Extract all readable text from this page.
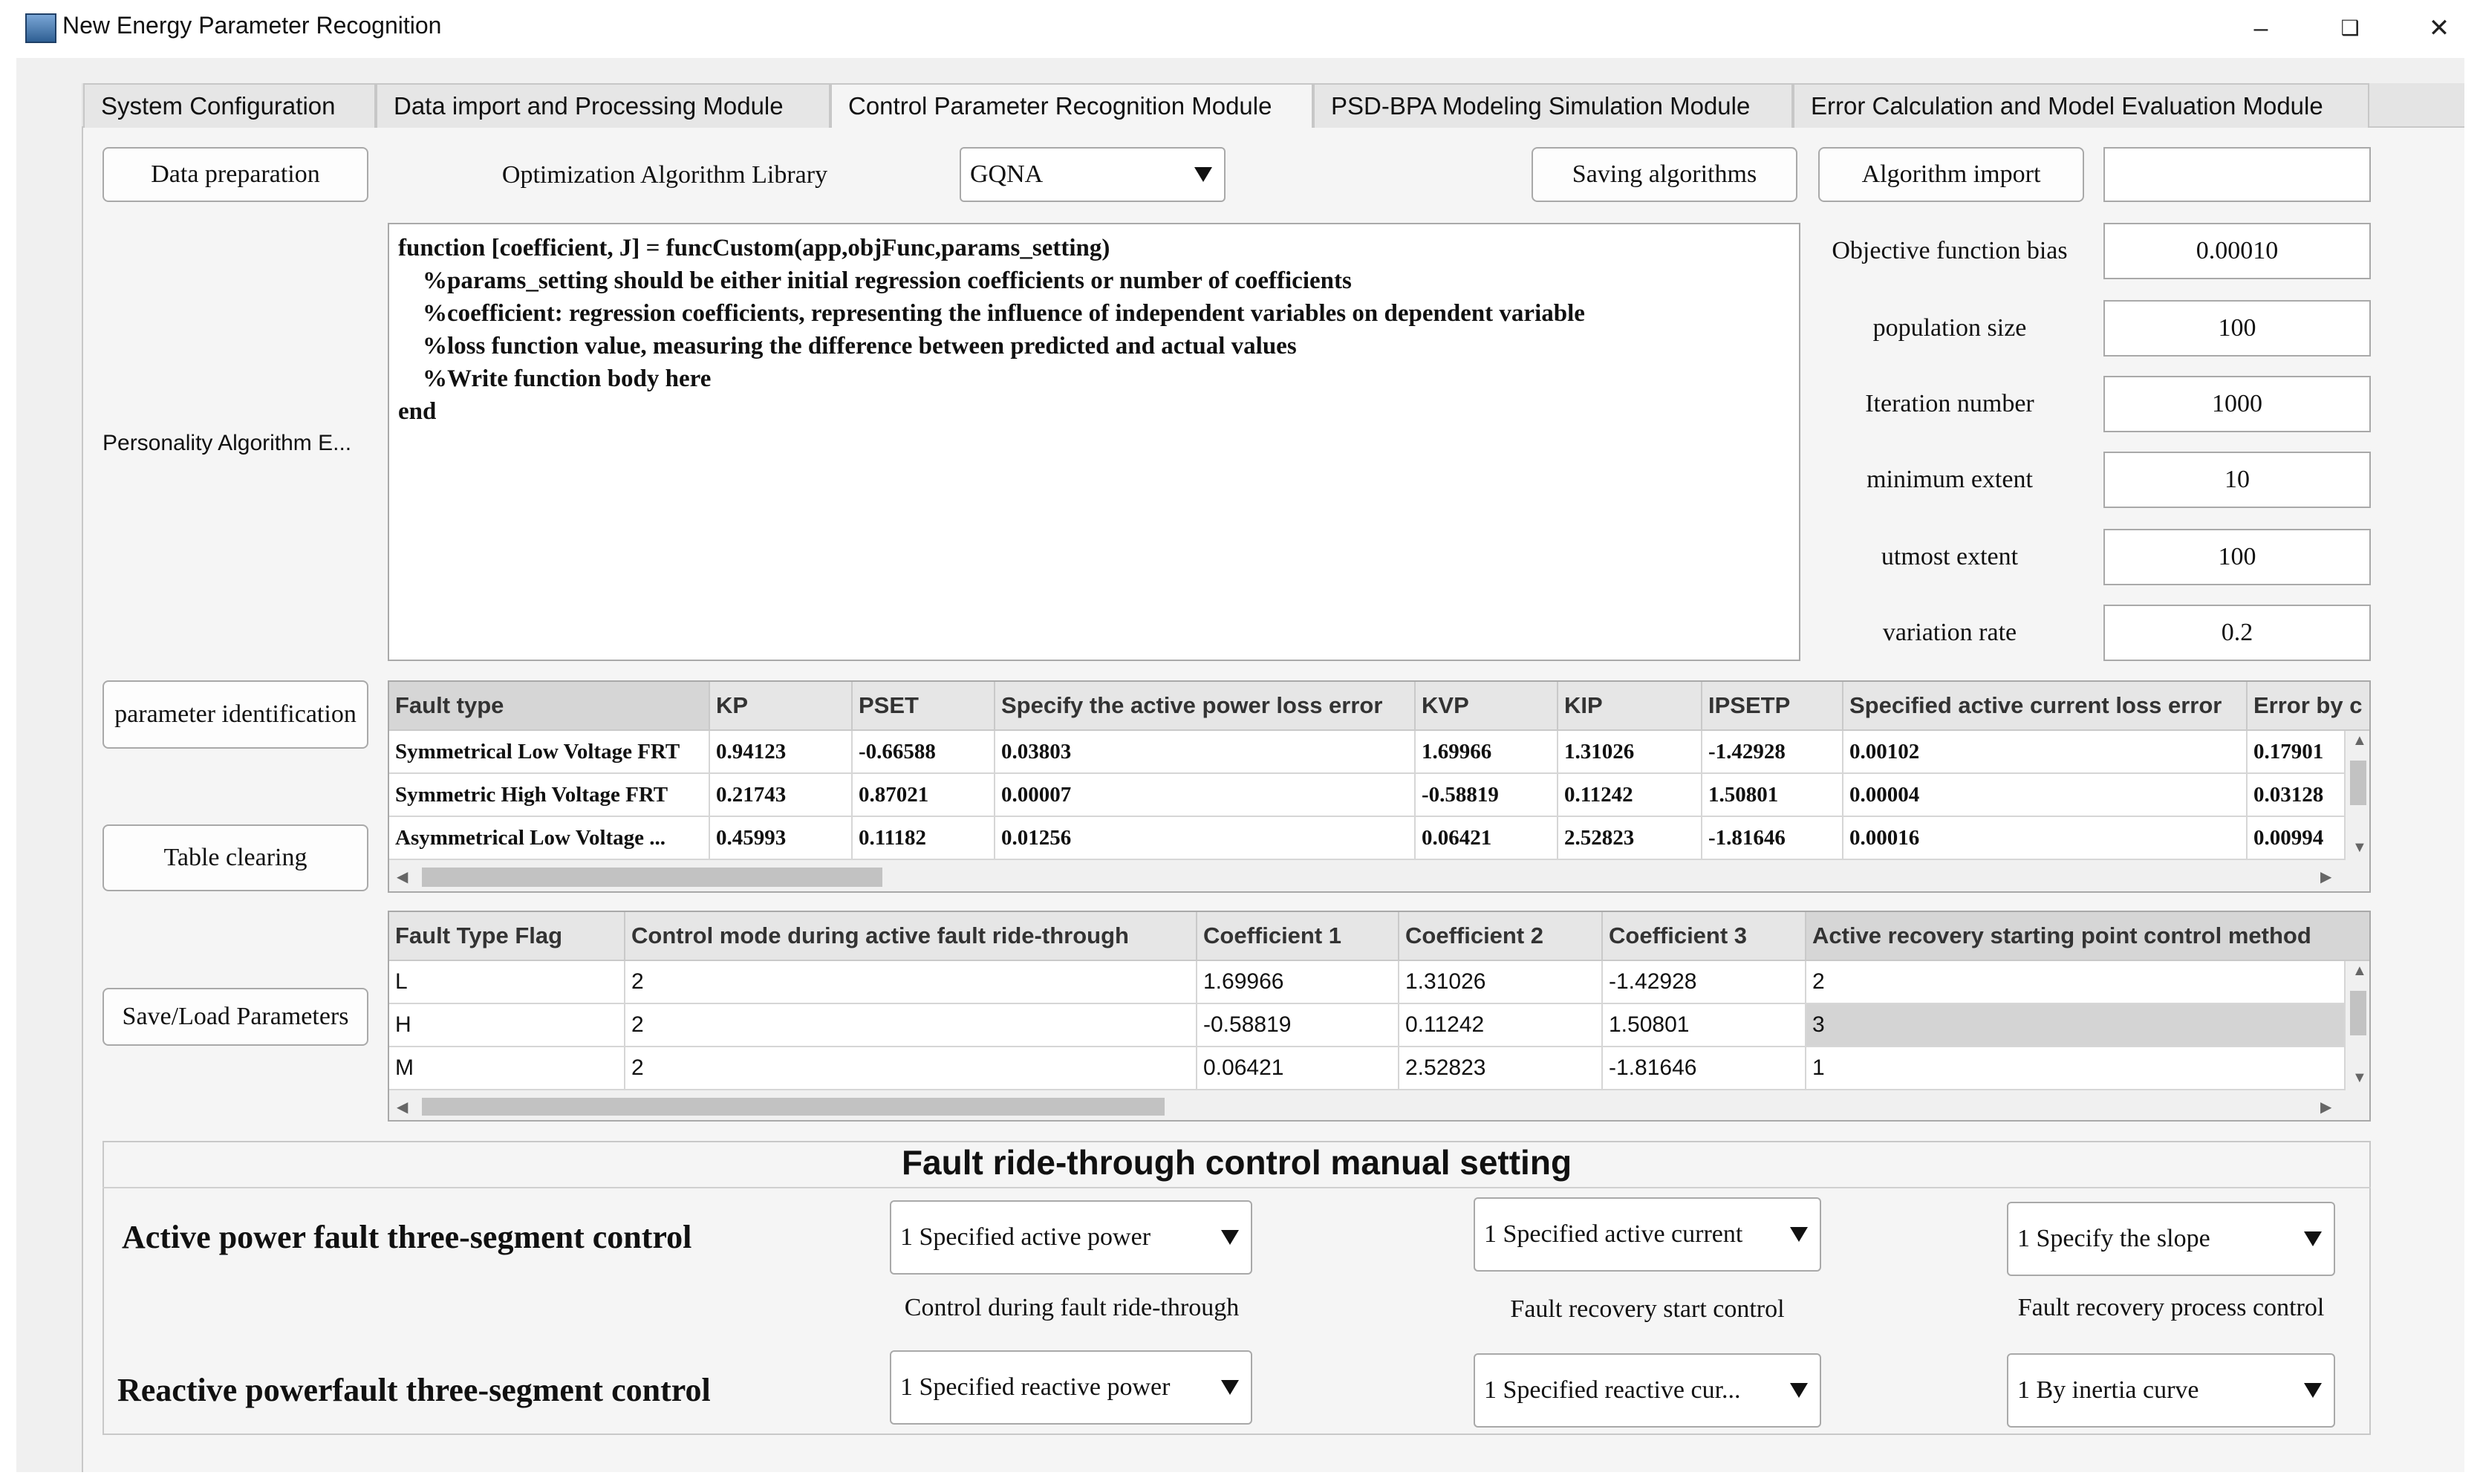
New Energy Parameter Recognition	–	❑	✕
System Configuration	Data import and Processing Module	Control Parameter Recognition Module	PSD-BPA Modeling Simulation Module	Error Calculation and Model Evaluation Module
Data preparation	Optimization Algorithm Library	GQNA	Saving algorithms	Algorithm import
Personality Algorithm E...
function [coefficient, J] = funcCustom(app,objFunc,params_setting)
%params_setting should be either initial regression coefficients or number of coefficients
%coefficient: regression coefficients, representing the influence of independent variables on dependent variable
%loss function value, measuring the difference between predicted and actual values
%Write function body here
end
Objective function bias	0.00010
population size	100
Iteration number	1000
minimum extent	10
utmost extent	100
variation rate	0.2
parameter identification
Table clearing
Save/Load Parameters
Fault type	KP	PSET	Specify the active power loss error	KVP	KIP	IPSETP	Specified active current loss error	Error by c
Symmetrical Low Voltage FRT	0.94123	-0.66588	0.03803	1.69966	1.31026	-1.42928	0.00102	0.17901
Symmetric High Voltage FRT	0.21743	0.87021	0.00007	-0.58819	0.11242	1.50801	0.00004	0.03128
Asymmetrical Low Voltage ...	0.45993	0.11182	0.01256	0.06421	2.52823	-1.81646	0.00016	0.00994
▲
▼
◀	▶
Fault Type Flag	Control mode during active fault ride-through	Coefficient 1	Coefficient 2	Coefficient 3	Active recovery starting point control method
L	2	1.69966	1.31026	-1.42928	2
H	2	-0.58819	0.11242	1.50801	3
M	2	0.06421	2.52823	-1.81646	1
▲
▼
◀	▶
Fault ride-through control manual setting
Active power fault three-segment control	1 Specified active power	1 Specified active current	1 Specify the slope
Control during fault ride-through	Fault recovery start control	Fault recovery process control
Reactive powerfault three-segment control	1 Specified reactive power	1 Specified reactive cur...	1 By inertia curve
